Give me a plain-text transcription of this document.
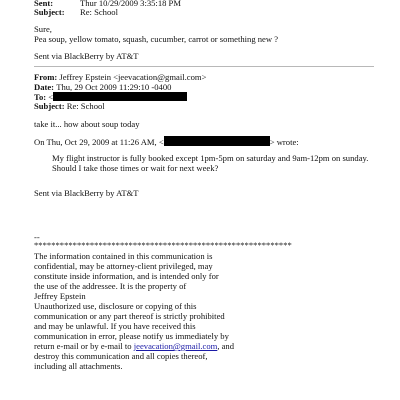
Sent:	Thur 10/29/2009 3:35:18 PM
Subject: Re: School
Sure,
Pea soup, yellow tomato, squash, cucumber, carrot or something new ?
Sent via BlackBerry by AT&T
From: Jeffrey Epstein <jeevacation@gmail.com>
Date: Thu, 29 Oct 2009 11:29:10 -0400
To: <
Subject: Re: School
take it... how about soup today
On Thu, Oct 29, 2009 at 11:26 AM, <	> wrote:
My flight instructor is fully booked except 1pm-5pm on saturday and 9am-12pm on sunday.
Should I take those times or wait for next week?
Sent via BlackBerry by AT&T
--
************************************************************
The information contained in this communication is
confidential, may be attorney-client privileged, may
constitute inside information, and is intended only for
the use of the addressee. It is the property of
Jeffrey Epstein
Unauthorized use, disclosure or copying of this
communication or any part thereof is strictly prohibited
and may be unlawful. If you have received this
communication in error, please notify us immediately by
return e-mail or by e-mail to jeevacation@gmail.com, and
destroy this communication and all copies thereof,
including all attachments.
